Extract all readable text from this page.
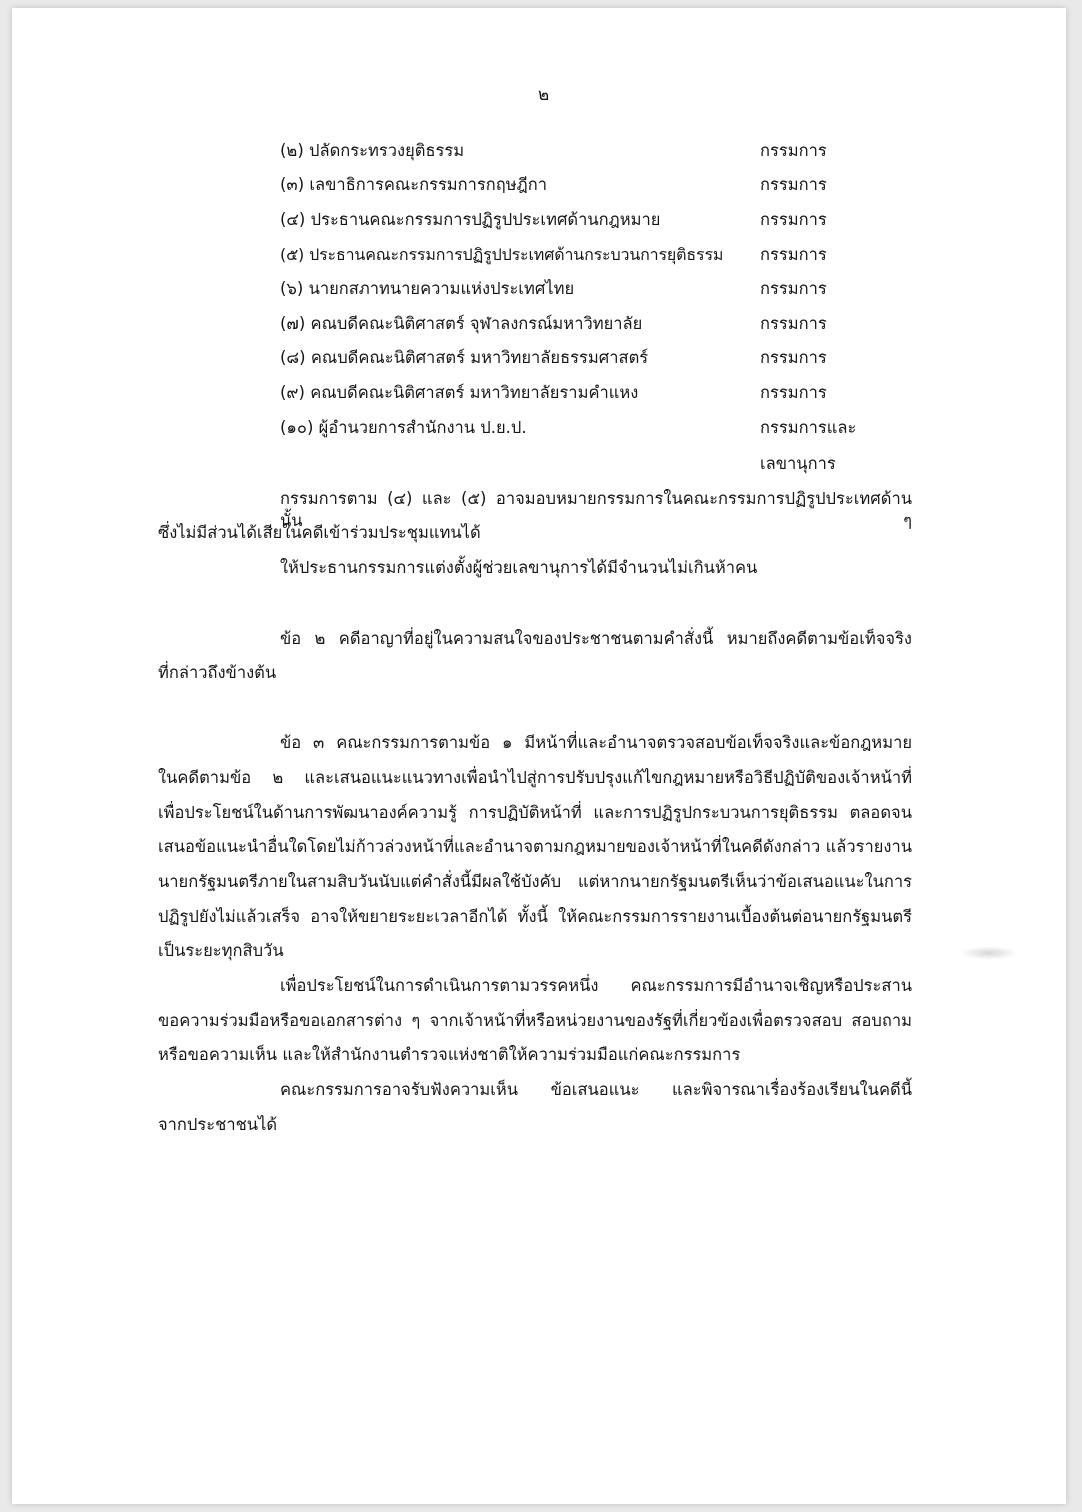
๒
(๒) ปลัดกระทรวงยุติธรรม	กรรมการ
(๓) เลขาธิการคณะกรรมการกฤษฎีกา	กรรมการ
(๔) ประธานคณะกรรมการปฏิรูปประเทศด้านกฎหมาย	กรรมการ
(๕) ประธานคณะกรรมการปฏิรูปประเทศด้านกระบวนการยุติธรรม กรรมการ
(๖) นายกสภาทนายความแห่งประเทศไทย	กรรมการ
(๗) คณบดีคณะนิติศาสตร์ จุฬาลงกรณ์มหาวิทยาลัย	กรรมการ
(๘) คณบดีคณะนิติศาสตร์ มหาวิทยาลัยธรรมศาสตร์	กรรมการ
(๙) คณบดีคณะนิติศาสตร์ มหาวิทยาลัยรามคำแหง	กรรมการ
(๑๐) ผู้อำนวยการสำนักงาน ป.ย.ป.	กรรมการและ
เลขานุการ
กรรมการตาม (๔) และ (๕) อาจมอบหมายกรรมการในคณะกรรมการปฏิรูปประเทศด้านนั้น ๆ
ซึ่งไม่มีส่วนได้เสียในคดีเข้าร่วมประชุมแทนได้
ให้ประธานกรรมการแต่งตั้งผู้ช่วยเลขานุการได้มีจำนวนไม่เกินห้าคน
ข้อ ๒ คดีอาญาที่อยู่ในความสนใจของประชาชนตามคำสั่งนี้ หมายถึงคดีตามข้อเท็จจริง
ที่กล่าวถึงข้างต้น
ข้อ ๓ คณะกรรมการตามข้อ ๑ มีหน้าที่และอำนาจตรวจสอบข้อเท็จจริงและข้อกฎหมาย
ในคดีตามข้อ ๒ และเสนอแนะแนวทางเพื่อนำไปสู่การปรับปรุงแก้ไขกฎหมายหรือวิธีปฏิบัติของเจ้าหน้าที่
เพื่อประโยชน์ในด้านการพัฒนาองค์ความรู้ การปฏิบัติหน้าที่ และการปฏิรูปกระบวนการยุติธรรม ตลอดจน
เสนอข้อแนะนำอื่นใดโดยไม่ก้าวล่วงหน้าที่และอำนาจตามกฎหมายของเจ้าหน้าที่ในคดีดังกล่าว แล้วรายงาน
นายกรัฐมนตรีภายในสามสิบวันนับแต่คำสั่งนี้มีผลใช้บังคับ แต่หากนายกรัฐมนตรีเห็นว่าข้อเสนอแนะในการ
ปฏิรูปยังไม่แล้วเสร็จ อาจให้ขยายระยะเวลาอีกได้ ทั้งนี้ ให้คณะกรรมการรายงานเบื้องต้นต่อนายกรัฐมนตรี
เป็นระยะทุกสิบวัน
เพื่อประโยชน์ในการดำเนินการตามวรรคหนึ่ง คณะกรรมการมีอำนาจเชิญหรือประสาน
ขอความร่วมมือหรือขอเอกสารต่าง ๆ จากเจ้าหน้าที่หรือหน่วยงานของรัฐที่เกี่ยวข้องเพื่อตรวจสอบ สอบถาม
หรือขอความเห็น และให้สำนักงานตำรวจแห่งชาติให้ความร่วมมือแก่คณะกรรมการ
คณะกรรมการอาจรับฟังความเห็น ข้อเสนอแนะ และพิจารณาเรื่องร้องเรียนในคดีนี้
จากประชาชนได้
